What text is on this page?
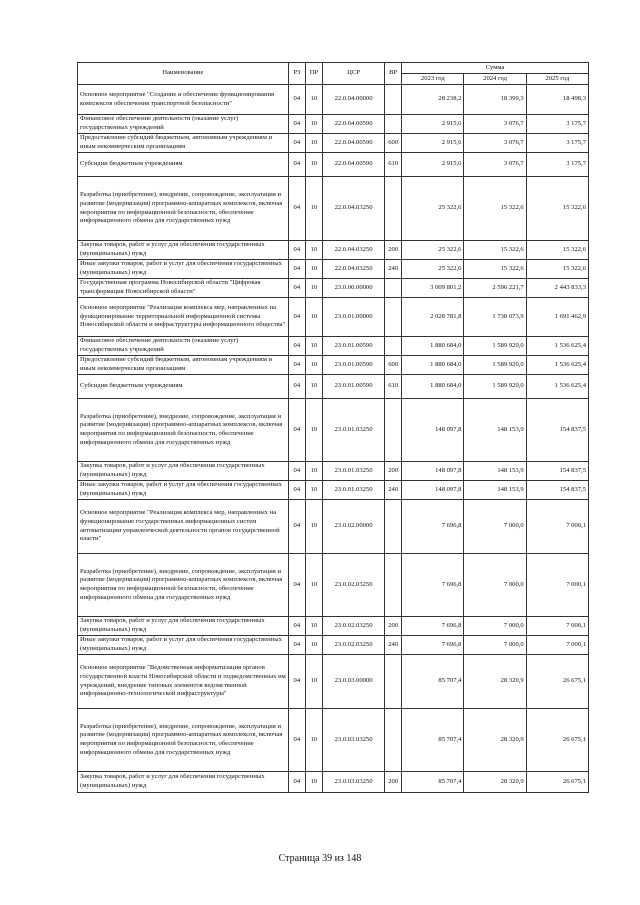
Наименование	РЗ	ПР	ЦСР	ВР	Сумма		
					2023 год	2024 год	2025 год
Основное мероприятие "Создание и обеспечение функционирования комплексов обеспечения транспортной безопасности"	04	10	22.0.04.00000		28 238,2	18 399,3	18 498,3
Финансовое обеспечение деятельности (оказание услуг) государственных учреждений	04	10	22.0.04.00590		2 915,6	3 076,7	3 175,7
Предоставление субсидий бюджетным, автономным учреждениям и иным некоммерческим организациям	04	10	22.0.04.00590	600	2 915,6	3 076,7	3 175,7
Субсидии бюджетным учреждениям	04	10	22.0.04.00590	610	2 915,6	3 076,7	3 175,7
Разработка (приобретение), внедрение, сопровождение, эксплуатация и развитие (модернизация) программно-аппаратных комплексов, включая мероприятия по информационной безопасности, обеспечение информационного обмена для государственных нужд	04	10	22.0.04.03250		25 322,6	15 322,6	15 322,6
Закупка товаров, работ и услуг для обеспечения государственных (муниципальных) нужд	04	10	22.0.04.03250	200	25 322,6	15 322,6	15 322,6
Иные закупки товаров, работ и услуг для обеспечения государственных (муниципальных) нужд	04	10	22.0.04.03250	240	25 322,6	15 322,6	15 322,6
Государственная программа Новосибирской области "Цифровая трансформация Новосибирской области"	04	10	23.0.00.00000		3 009 801,2	2 596 221,7	2 443 833,3
Основное мероприятие "Реализация комплекса мер, направленных на функционирование территориальной информационной системы Новосибирской области и инфраструктуры информационного общества"	04	10	23.0.01.00000		2 028 781,8	1 738 073,9	1 691 462,9
Финансовое обеспечение деятельности (оказание услуг) государственных учреждений	04	10	23.0.01.00590		1 880 684,0	1 589 920,0	1 536 625,4
Предоставление субсидий бюджетным, автономным учреждениям и иным некоммерческим организациям	04	10	23.0.01.00590	600	1 880 684,0	1 589 920,0	1 536 625,4
Субсидии бюджетным учреждениям	04	10	23.0.01.00590	610	1 880 684,0	1 589 920,0	1 536 625,4
Разработка (приобретение), внедрение, сопровождение, эксплуатация и развитие (модернизация) программно-аппаратных комплексов, включая мероприятия по информационной безопасности, обеспечение информационного обмена для государственных нужд	04	10	23.0.01.03250		148 097,8	148 153,9	154 837,5
Закупка товаров, работ и услуг для обеспечения государственных (муниципальных) нужд	04	10	23.0.01.03250	200	148 097,8	148 153,9	154 837,5
Иные закупки товаров, работ и услуг для обеспечения государственных (муниципальных) нужд	04	10	23.0.01.03250	240	148 097,8	148 153,9	154 837,5
Основное мероприятие "Реализация комплекса мер, направленных на функционирование государственных информационных систем автоматизации управленческой деятельности органов государственной власти"	04	10	23.0.02.00000		7 696,8	7 000,0	7 000,1
Разработка (приобретение), внедрение, сопровождение, эксплуатация и развитие (модернизация) программно-аппаратных комплексов, включая мероприятия по информационной безопасности, обеспечение информационного обмена для государственных нужд	04	10	23.0.02.03250		7 696,8	7 000,0	7 000,1
Закупка товаров, работ и услуг для обеспечения государственных (муниципальных) нужд	04	10	23.0.02.03250	200	7 696,8	7 000,0	7 000,1
Иные закупки товаров, работ и услуг для обеспечения государственных (муниципальных) нужд	04	10	23.0.02.03250	240	7 696,8	7 000,0	7 000,1
Основное мероприятие "Ведомственная информатизация органов государственной власти Новосибирской области и подведомственных им учреждений, внедрение типовых элементов ведомственной информационно-технологической инфраструктуры"	04	10	23.0.03.00000		85 707,4	28 320,9	26 675,1
Разработка (приобретение), внедрение, сопровождение, эксплуатация и развитие (модернизация) программно-аппаратных комплексов, включая мероприятия по информационной безопасности, обеспечение информационного обмена для государственных нужд	04	10	23.0.03.03250		85 707,4	28 320,9	26 675,1
Закупка товаров, работ и услуг для обеспечения государственных (муниципальных) нужд	04	10	23.0.03.03250	200	85 707,4	28 320,9	26 675,1
Страница 39 из 148
